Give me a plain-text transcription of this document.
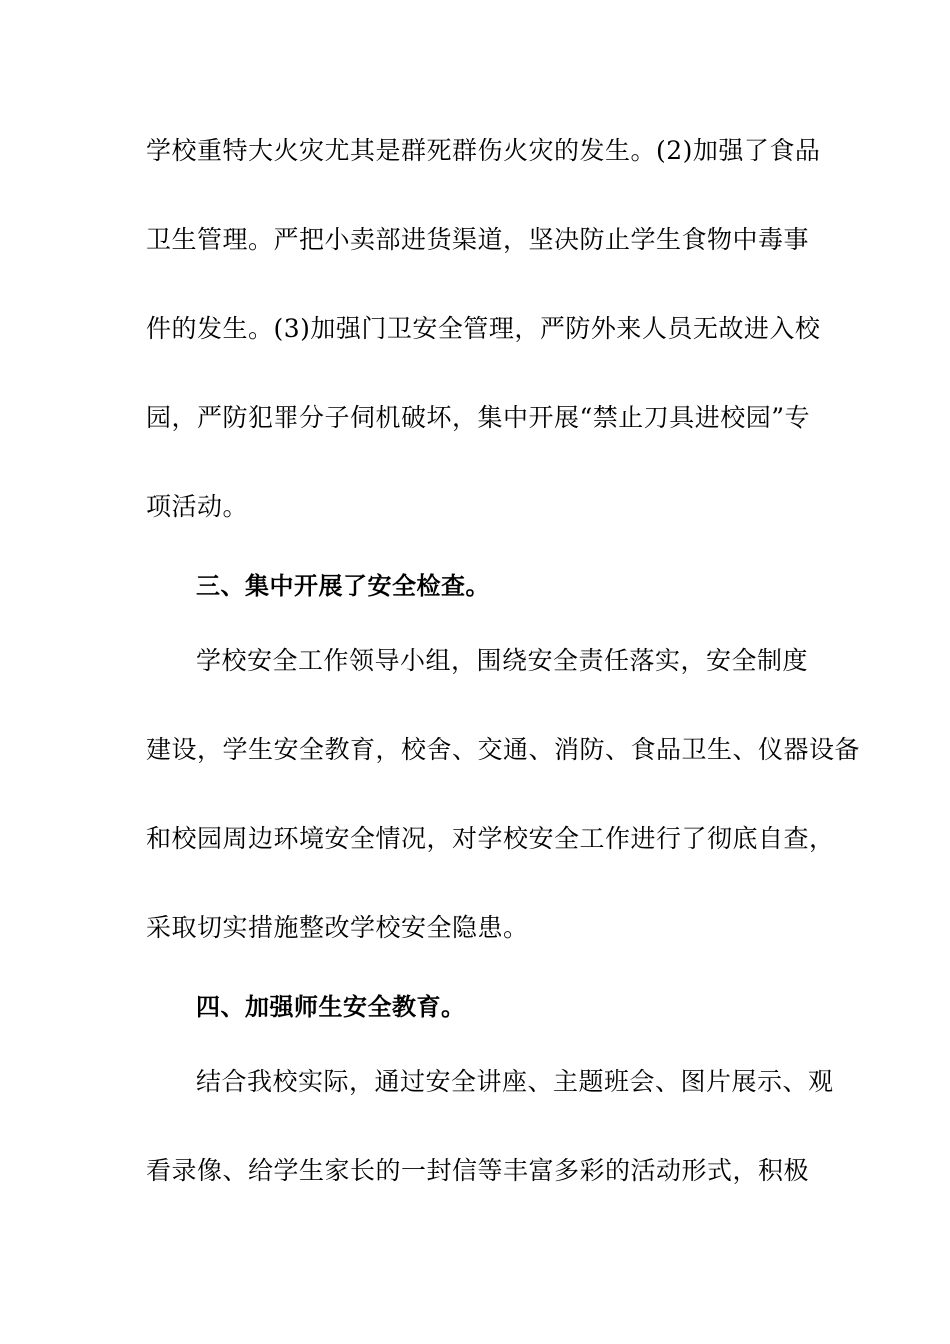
学校重特大火灾尤其是群死群伤火灾的发生。(2)加强了食品
卫生管理。严把小卖部进货渠道，坚决防止学生食物中毒事
件的发生。(3)加强门卫安全管理，严防外来人员无故进入校
园，严防犯罪分子伺机破坏，集中开展“禁止刀具进校园”专
项活动。
三、集中开展了安全检查。
学校安全工作领导小组，围绕安全责任落实，安全制度
建设，学生安全教育，校舍、交通、消防、食品卫生、仪器设备
和校园周边环境安全情况，对学校安全工作进行了彻底自查，
采取切实措施整改学校安全隐患。
四、加强师生安全教育。
结合我校实际，通过安全讲座、主题班会、图片展示、观
看录像、给学生家长的一封信等丰富多彩的活动形式，积极
